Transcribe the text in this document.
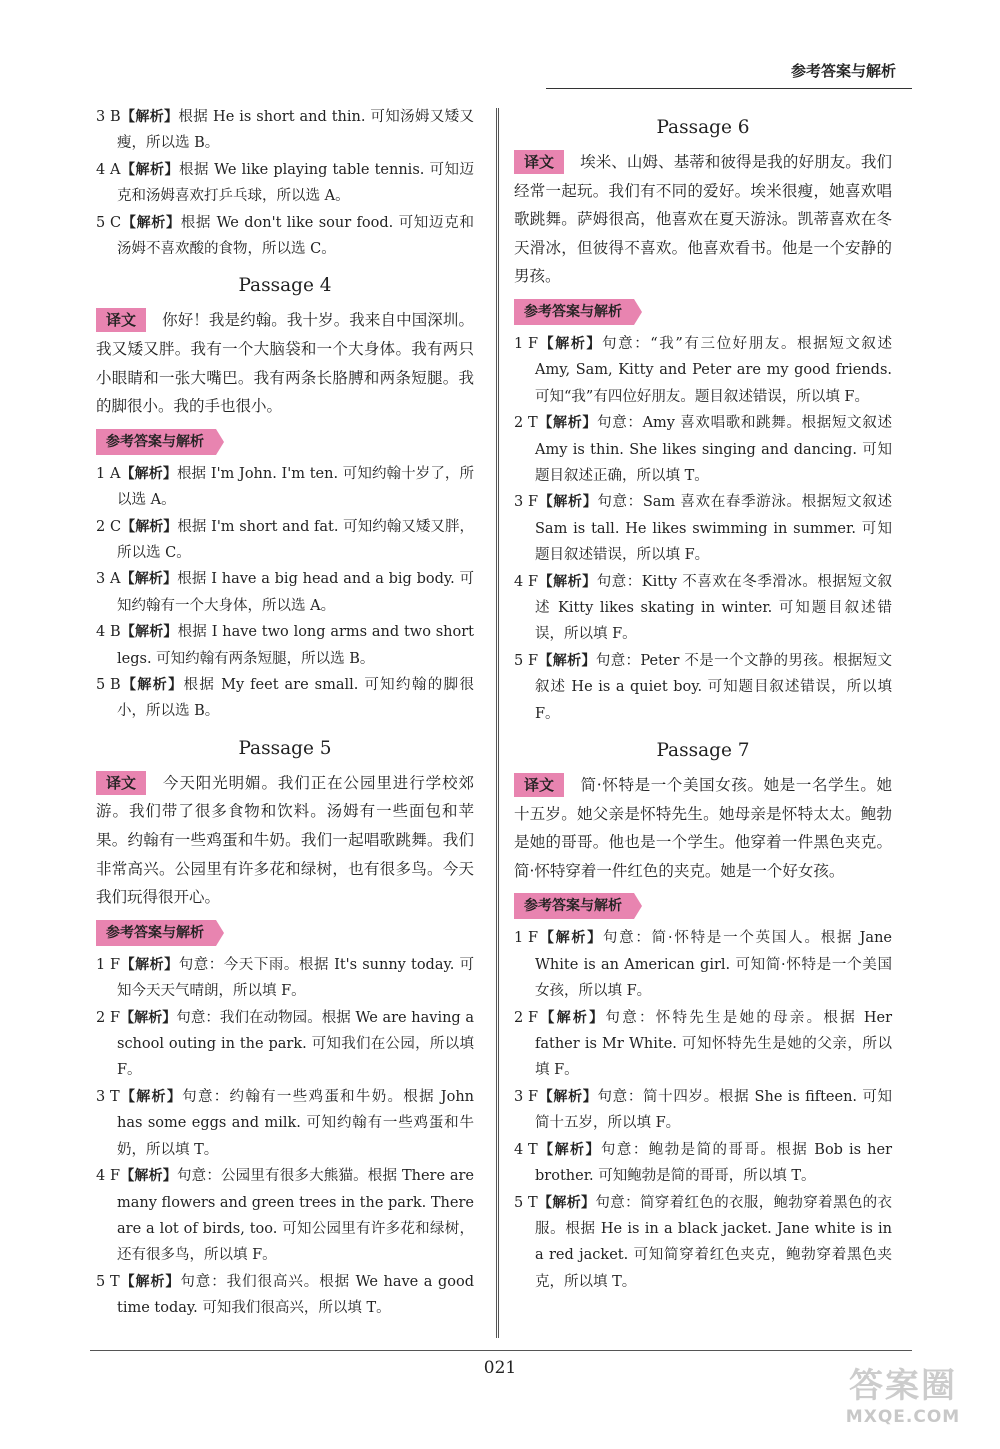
参考答案与解析
3 B【解析】根据 He is short and thin. 可知汤姆又矮又瘦，所以选 B。
4 A【解析】根据 We like playing table tennis. 可知迈克和汤姆喜欢打乒乓球，所以选 A。
5 C【解析】根据 We don't like sour food. 可知迈克和汤姆不喜欢酸的食物，所以选 C。
Passage 4

译文 你好！我是约翰。我十岁。我来自中国深圳。我又矮又胖。我有一个大脑袋和一个大身体。我有两只小眼睛和一张大嘴巴。我有两条长胳膊和两条短腿。我的脚很小。我的手也很小。

参考答案与解析
1 A【解析】根据 I'm John. I'm ten. 可知约翰十岁了，所以选 A。
2 C【解析】根据 I'm short and fat. 可知约翰又矮又胖，所以选 C。
3 A【解析】根据 I have a big head and a big body. 可知约翰有一个大身体，所以选 A。
4 B【解析】根据 I have two long arms and two short legs. 可知约翰有两条短腿，所以选 B。
5 B【解析】根据 My feet are small. 可知约翰的脚很小，所以选 B。
Passage 5

译文 今天阳光明媚。我们正在公园里进行学校郊游。我们带了很多食物和饮料。汤姆有一些面包和苹果。约翰有一些鸡蛋和牛奶。我们一起唱歌跳舞。我们非常高兴。公园里有许多花和绿树，也有很多鸟。今天我们玩得很开心。

参考答案与解析
1 F【解析】句意：今天下雨。根据 It's sunny today. 可知今天天气晴朗，所以填 F。
2 F【解析】句意：我们在动物园。根据 We are having a school outing in the park. 可知我们在公园，所以填 F。
3 T【解析】句意：约翰有一些鸡蛋和牛奶。根据 John has some eggs and milk. 可知约翰有一些鸡蛋和牛奶，所以填 T。
4 F【解析】句意：公园里有很多大熊猫。根据 There are many flowers and green trees in the park. There are a lot of birds, too. 可知公园里有许多花和绿树，还有很多鸟，所以填 F。
5 T【解析】句意：我们很高兴。根据 We have a good time today. 可知我们很高兴，所以填 T。
Passage 6

译文 埃米、山姆、基蒂和彼得是我的好朋友。我们经常一起玩。我们有不同的爱好。埃米很瘦，她喜欢唱歌跳舞。萨姆很高，他喜欢在夏天游泳。凯蒂喜欢在冬天滑冰，但彼得不喜欢。他喜欢看书。他是一个安静的男孩。

参考答案与解析
1 F【解析】句意：“我”有三位好朋友。根据短文叙述 Amy, Sam, Kitty and Peter are my good friends. 可知“我”有四位好朋友。题目叙述错误，所以填 F。
2 T【解析】句意：Amy 喜欢唱歌和跳舞。根据短文叙述 Amy is thin. She likes singing and dancing. 可知题目叙述正确，所以填 T。
3 F【解析】句意：Sam 喜欢在春季游泳。根据短文叙述 Sam is tall. He likes swimming in summer. 可知题目叙述错误，所以填 F。
4 F【解析】句意：Kitty 不喜欢在冬季滑冰。根据短文叙述 Kitty likes skating in winter. 可知题目叙述错误，所以填 F。
5 F【解析】句意：Peter 不是一个文静的男孩。根据短文叙述 He is a quiet boy. 可知题目叙述错误，所以填 F。
Passage 7

译文 简·怀特是一个美国女孩。她是一名学生。她十五岁。她父亲是怀特先生。她母亲是怀特太太。鲍勃是她的哥哥。他也是一个学生。他穿着一件黑色夹克。简·怀特穿着一件红色的夹克。她是一个好女孩。

参考答案与解析
1 F【解析】句意：简·怀特是一个英国人。根据 Jane White is an American girl. 可知简·怀特是一个美国女孩，所以填 F。
2 F【解析】句意：怀特先生是她的母亲。根据 Her father is Mr White. 可知怀特先生是她的父亲，所以填 F。
3 F【解析】句意：简十四岁。根据 She is fifteen. 可知简十五岁，所以填 F。
4 T【解析】句意：鲍勃是简的哥哥。根据 Bob is her brother. 可知鲍勃是简的哥哥，所以填 T。
5 T【解析】句意：简穿着红色的衣服，鲍勃穿着黑色的衣服。根据 He is in a black jacket. Jane white is in a red jacket. 可知简穿着红色夹克，鲍勃穿着黑色夹克，所以填 T。
021	答案圈
MXQE.COM
